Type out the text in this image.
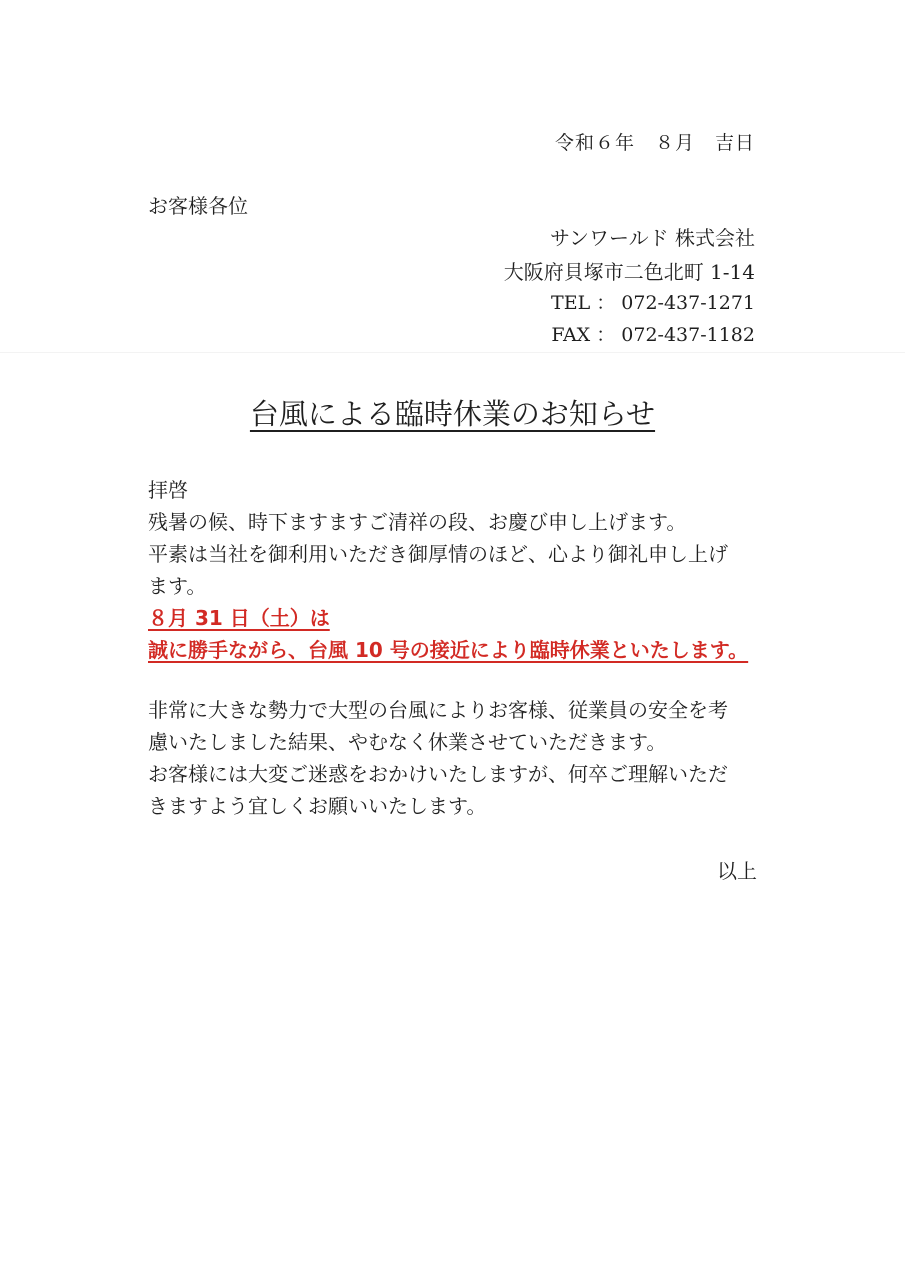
令和６年　８月　吉日
お客様各位
サンワールド 株式会社
大阪府貝塚市二色北町 1-14
TEL ： 072-437-1271
FAX ： 072-437-1182
台風による臨時休業のお知らせ

拝啓

残暑の候、時下ますますご清祥の段、お慶び申し上げます。

平素は当社を御利用いただき御厚情のほど、心より御礼申し上げ

ます。

８月 31 日（土）は

誠に勝手ながら、台風 10 号の接近により臨時休業といたします。

非常に大きな勢力で大型の台風によりお客様、従業員の安全を考

慮いたしました結果、やむなく休業させていただきます。

お客様には大変ご迷惑をおかけいたしますが、何卒ご理解いただ

きますよう宜しくお願いいたします。

以上
